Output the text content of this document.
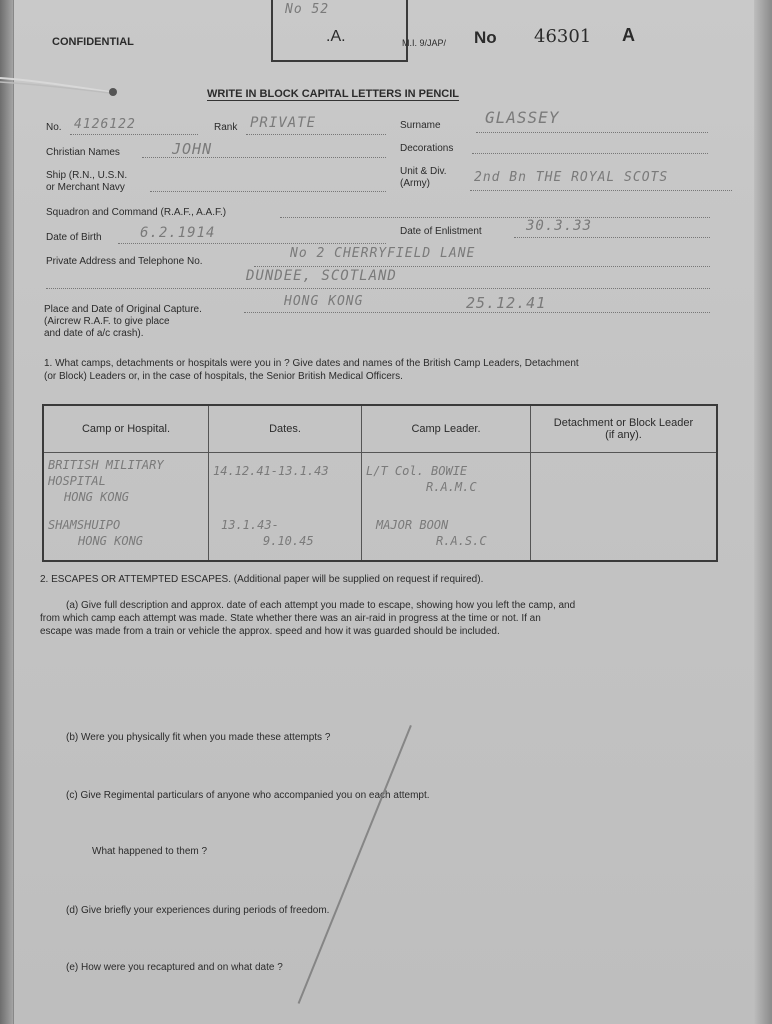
CONFIDENTIAL
No 52
.A.	M.I. 9/JAP/ No 46301 A
WRITE IN BLOCK CAPITAL LETTERS IN PENCIL
No. 4126122	Rank PRIVATE	Surname	GLASSEY
Christian Names	JOHN	Decorations
Ship (R.N., U.S.N.
or Merchant Navy
Unit & Div.
(Army)	2nd Bn THE ROYAL SCOTS
Squadron and Command (R.A.F., A.A.F.)
Date of Birth	6.2.1914	Date of Enlistment	30.3.33
Private Address and Telephone No.
No 2 CHERRYFIELD LANE
DUNDEE, SCOTLAND
Place and Date of Original Capture.
(Aircrew R.A.F. to give place
and date of a/c crash).
HONG KONG	25.12.41
1. What camps, detachments or hospitals were you in ? Give dates and names of the British Camp Leaders, Detachment
(or Block) Leaders or, in the case of hospitals, the Senior British Medical Officers.
Camp or Hospital.	Dates.	Camp Leader.	Detachment or Block Leader (if any).

BRITISH MILITARY
HOSPITAL
HONG KONG	14.12.41-13.1.43	L/T Col. BOWIE
R.A.M.C	

SHAMSHUIPO
HONG KONG	13.1.43-
9.10.45	MAJOR BOON
R.A.S.C	

2. ESCAPES OR ATTEMPTED ESCAPES. (Additional paper will be supplied on request if required).
(a) Give full description and approx. date of each attempt you made to escape, showing how you left the camp, and
from which camp each attempt was made. State whether there was an air-raid in progress at the time or not. If an
escape was made from a train or vehicle the approx. speed and how it was guarded should be included.
(b) Were you physically fit when you made these attempts ?
(c) Give Regimental particulars of anyone who accompanied you on each attempt.
What happened to them ?
(d) Give briefly your experiences during periods of freedom.
(e) How were you recaptured and on what date ?
